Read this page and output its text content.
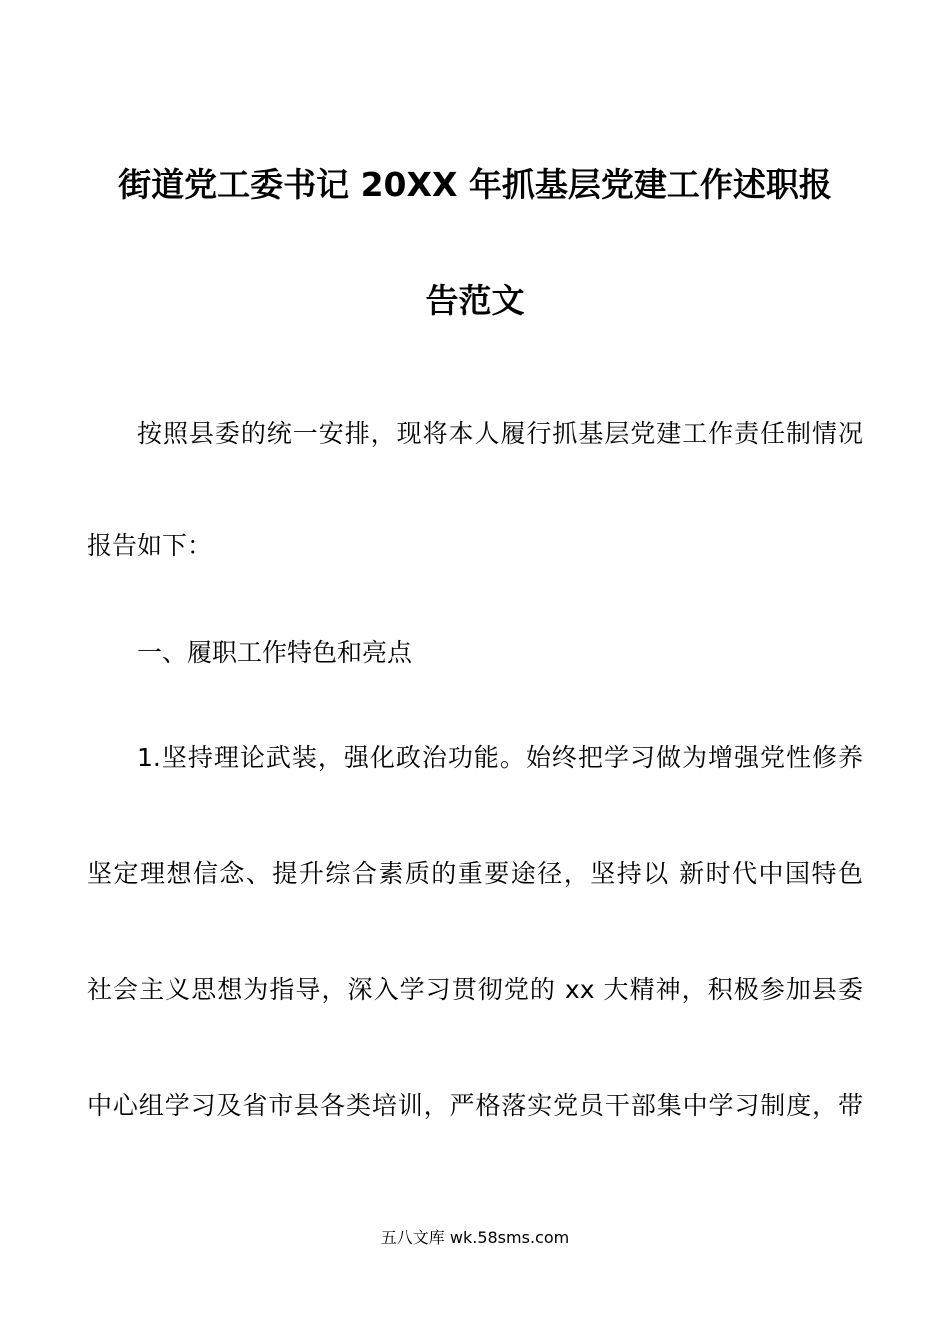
街道党工委书记 20XX 年抓基层党建工作述职报
告范文
按照县委的统一安排，现将本人履行抓基层党建工作责任制情况
报告如下：
一、履职工作特色和亮点
1.坚持理论武装，强化政治功能。始终把学习做为增强党性修养
坚定理想信念、提升综合素质的重要途径，坚持以 新时代中国特色
社会主义思想为指导，深入学习贯彻党的 xx 大精神，积极参加县委
中心组学习及省市县各类培训，严格落实党员干部集中学习制度，带
五八文库 wk.58sms.com
